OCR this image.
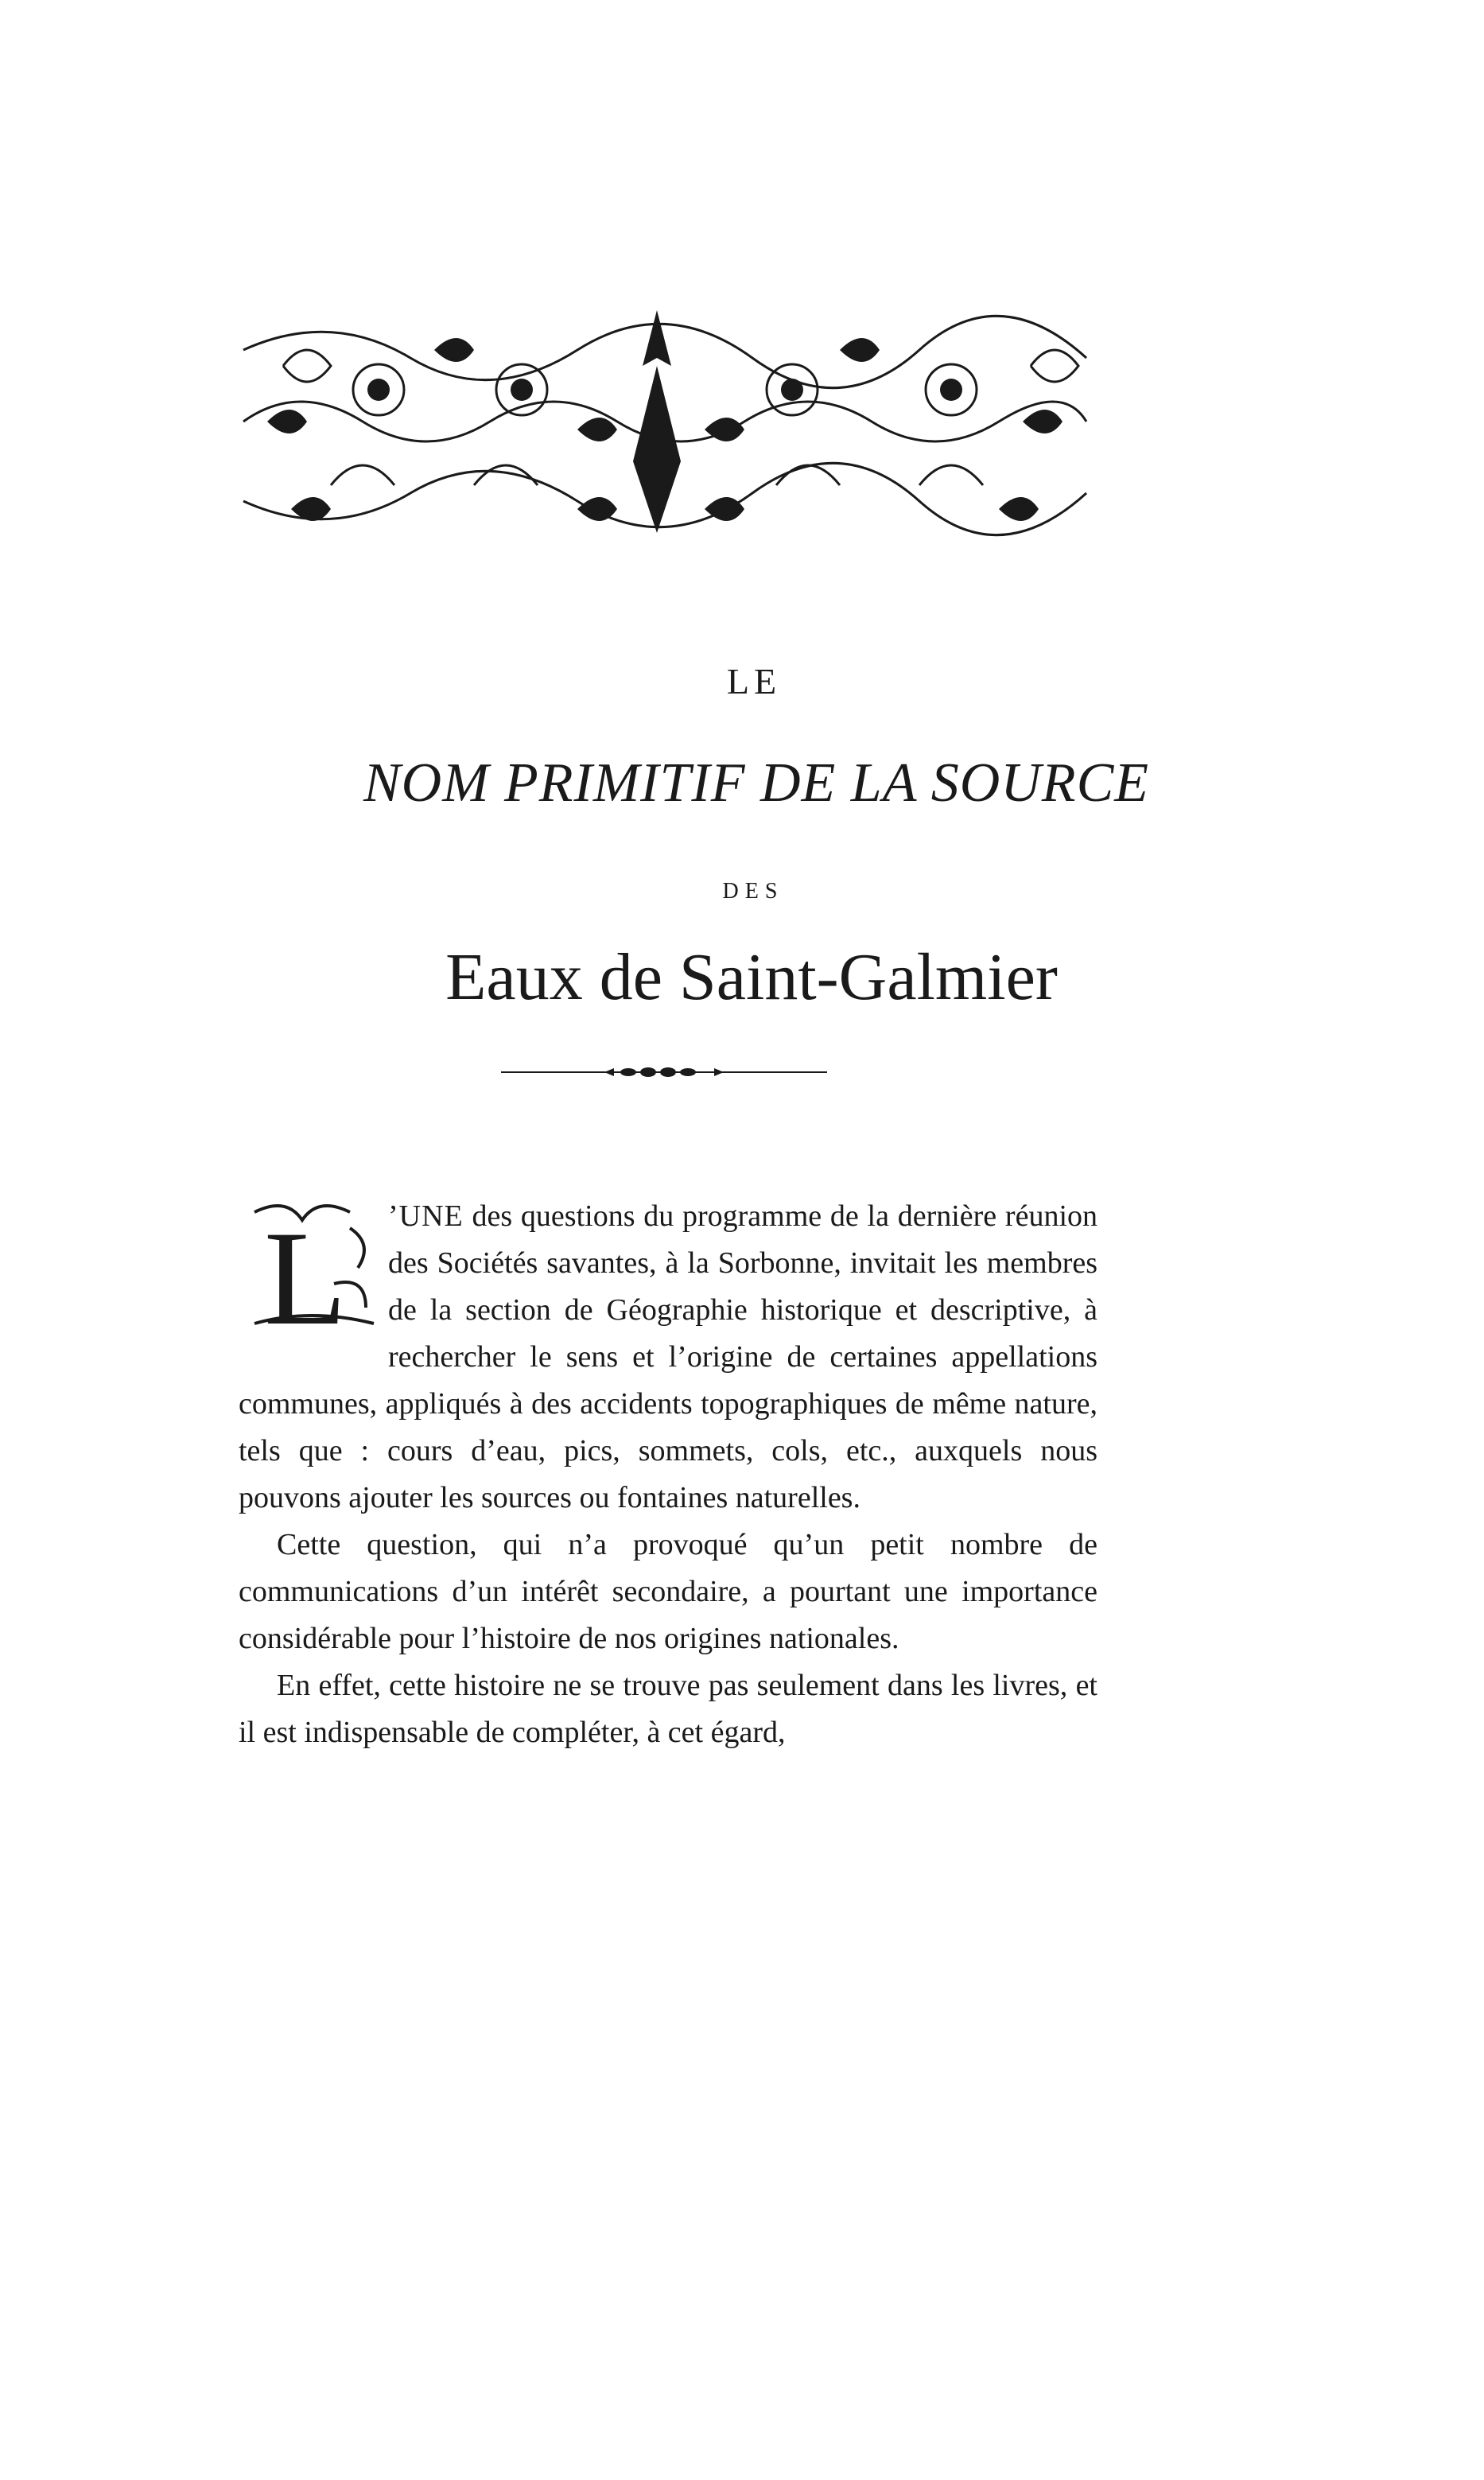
LE
NOM PRIMITIF DE LA SOURCE
DES
Eaux de Saint-Galmier

L ’UNE des questions du programme de la dernière réunion des Sociétés savantes, à la Sorbonne, invitait les membres de la section de Géographie historique et descriptive, à rechercher le sens et l’origine de certaines appellations communes, appliqués à des accidents topographiques de même nature, tels que : cours d’eau, pics, sommets, cols, etc., auxquels nous pouvons ajouter les sources ou fontaines naturelles.

Cette question, qui n’a provoqué qu’un petit nombre de communications d’un intérêt secondaire, a pourtant une importance considérable pour l’histoire de nos origines nationales.

En effet, cette histoire ne se trouve pas seulement dans les livres, et il est indispensable de compléter, à cet égard,
